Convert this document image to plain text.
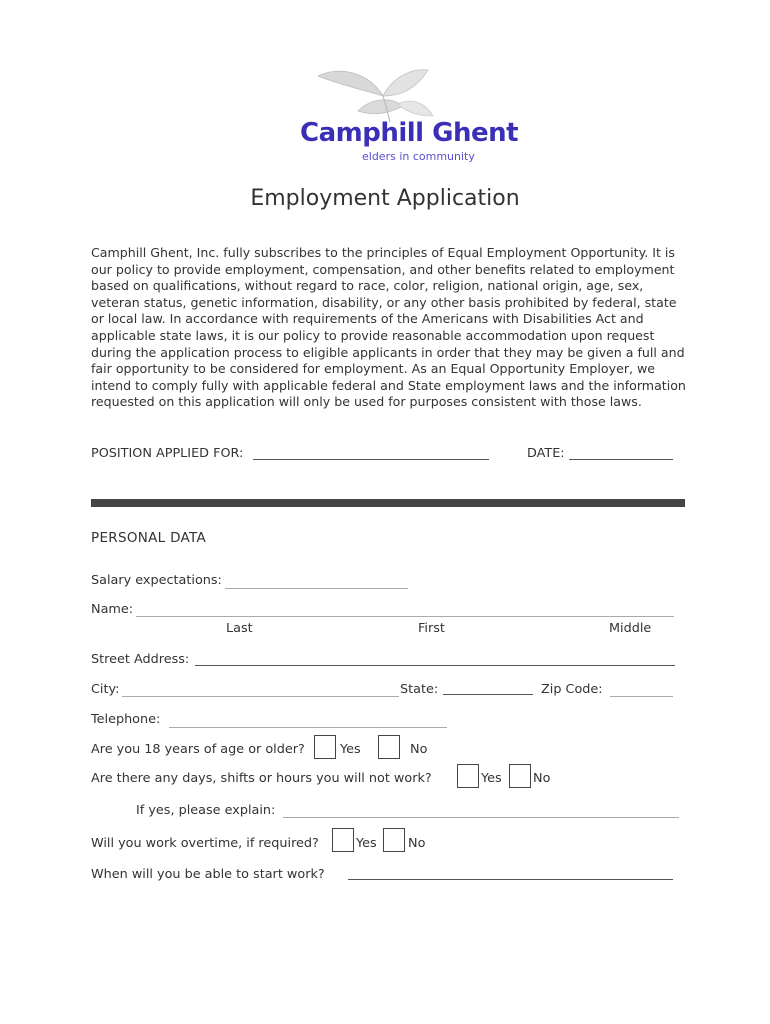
Camphill Ghent
elders in community
Employment Application
Camphill Ghent, Inc. fully subscribes to the principles of Equal Employment Opportunity. It is our policy to provide employment, compensation, and other benefits related to employment based on qualifications, without regard to race, color, religion, national origin, age, sex, veteran status, genetic information, disability, or any other basis prohibited by federal, state or local law. In accordance with requirements of the Americans with Disabilities Act and applicable state laws, it is our policy to provide reasonable accommodation upon request during the application process to eligible applicants in order that they may be given a full and fair opportunity to be considered for employment. As an Equal Opportunity Employer, we intend to comply fully with applicable federal and State employment laws and the information requested on this application will only be used for purposes consistent with those laws.
POSITION APPLIED FOR:	DATE:
PERSONAL DATA
Salary expectations:
Name:
Last	First	Middle
Street Address:
City:	State:	Zip Code:
Telephone:
Are you 18 years of age or older?	Yes	No
Are there any days, shifts or hours you will not work?	Yes No
If yes, please explain:
Will you work overtime, if required?	Yes No
When will you be able to start work?
